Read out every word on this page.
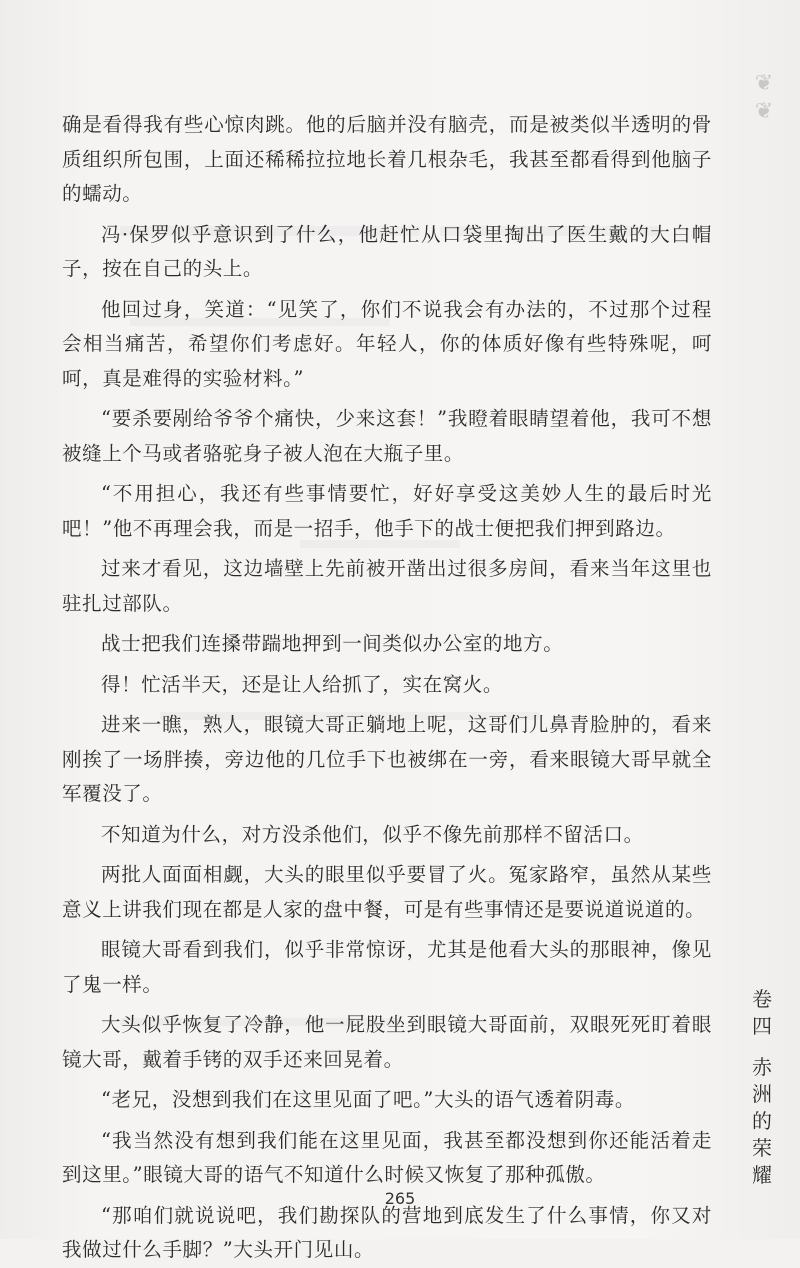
❦
❦

确是看得我有些心惊肉跳。他的后脑并没有脑壳，而是被类似半透明的骨质组织所包围，上面还稀稀拉拉地长着几根杂毛，我甚至都看得到他脑子的蠕动。

冯·保罗似乎意识到了什么，他赶忙从口袋里掏出了医生戴的大白帽子，按在自己的头上。

他回过身，笑道：“见笑了，你们不说我会有办法的，不过那个过程会相当痛苦，希望你们考虑好。年轻人，你的体质好像有些特殊呢，呵呵，真是难得的实验材料。”

“要杀要剐给爷爷个痛快，少来这套！”我瞪着眼睛望着他，我可不想被缝上个马或者骆驼身子被人泡在大瓶子里。

“不用担心，我还有些事情要忙，好好享受这美妙人生的最后时光吧！”他不再理会我，而是一招手，他手下的战士便把我们押到路边。

过来才看见，这边墙壁上先前被开凿出过很多房间，看来当年这里也驻扎过部队。

战士把我们连搡带踹地押到一间类似办公室的地方。

得！忙活半天，还是让人给抓了，实在窝火。

进来一瞧，熟人，眼镜大哥正躺地上呢，这哥们儿鼻青脸肿的，看来刚挨了一场胖揍，旁边他的几位手下也被绑在一旁，看来眼镜大哥早就全军覆没了。

不知道为什么，对方没杀他们，似乎不像先前那样不留活口。

两批人面面相觑，大头的眼里似乎要冒了火。冤家路窄，虽然从某些意义上讲我们现在都是人家的盘中餐，可是有些事情还是要说道说道的。

眼镜大哥看到我们，似乎非常惊讶，尤其是他看大头的那眼神，像见了鬼一样。

大头似乎恢复了冷静，他一屁股坐到眼镜大哥面前，双眼死死盯着眼镜大哥，戴着手铐的双手还来回晃着。

“老兄，没想到我们在这里见面了吧。”大头的语气透着阴毒。

“我当然没有想到我们能在这里见面，我甚至都没想到你还能活着走到这里。”眼镜大哥的语气不知道什么时候又恢复了那种孤傲。

“那咱们就说说吧，我们勘探队的营地到底发生了什么事情，你又对我做过什么手脚？”大头开门见山。

卷
四
赤
洲
的
荣
耀
265
